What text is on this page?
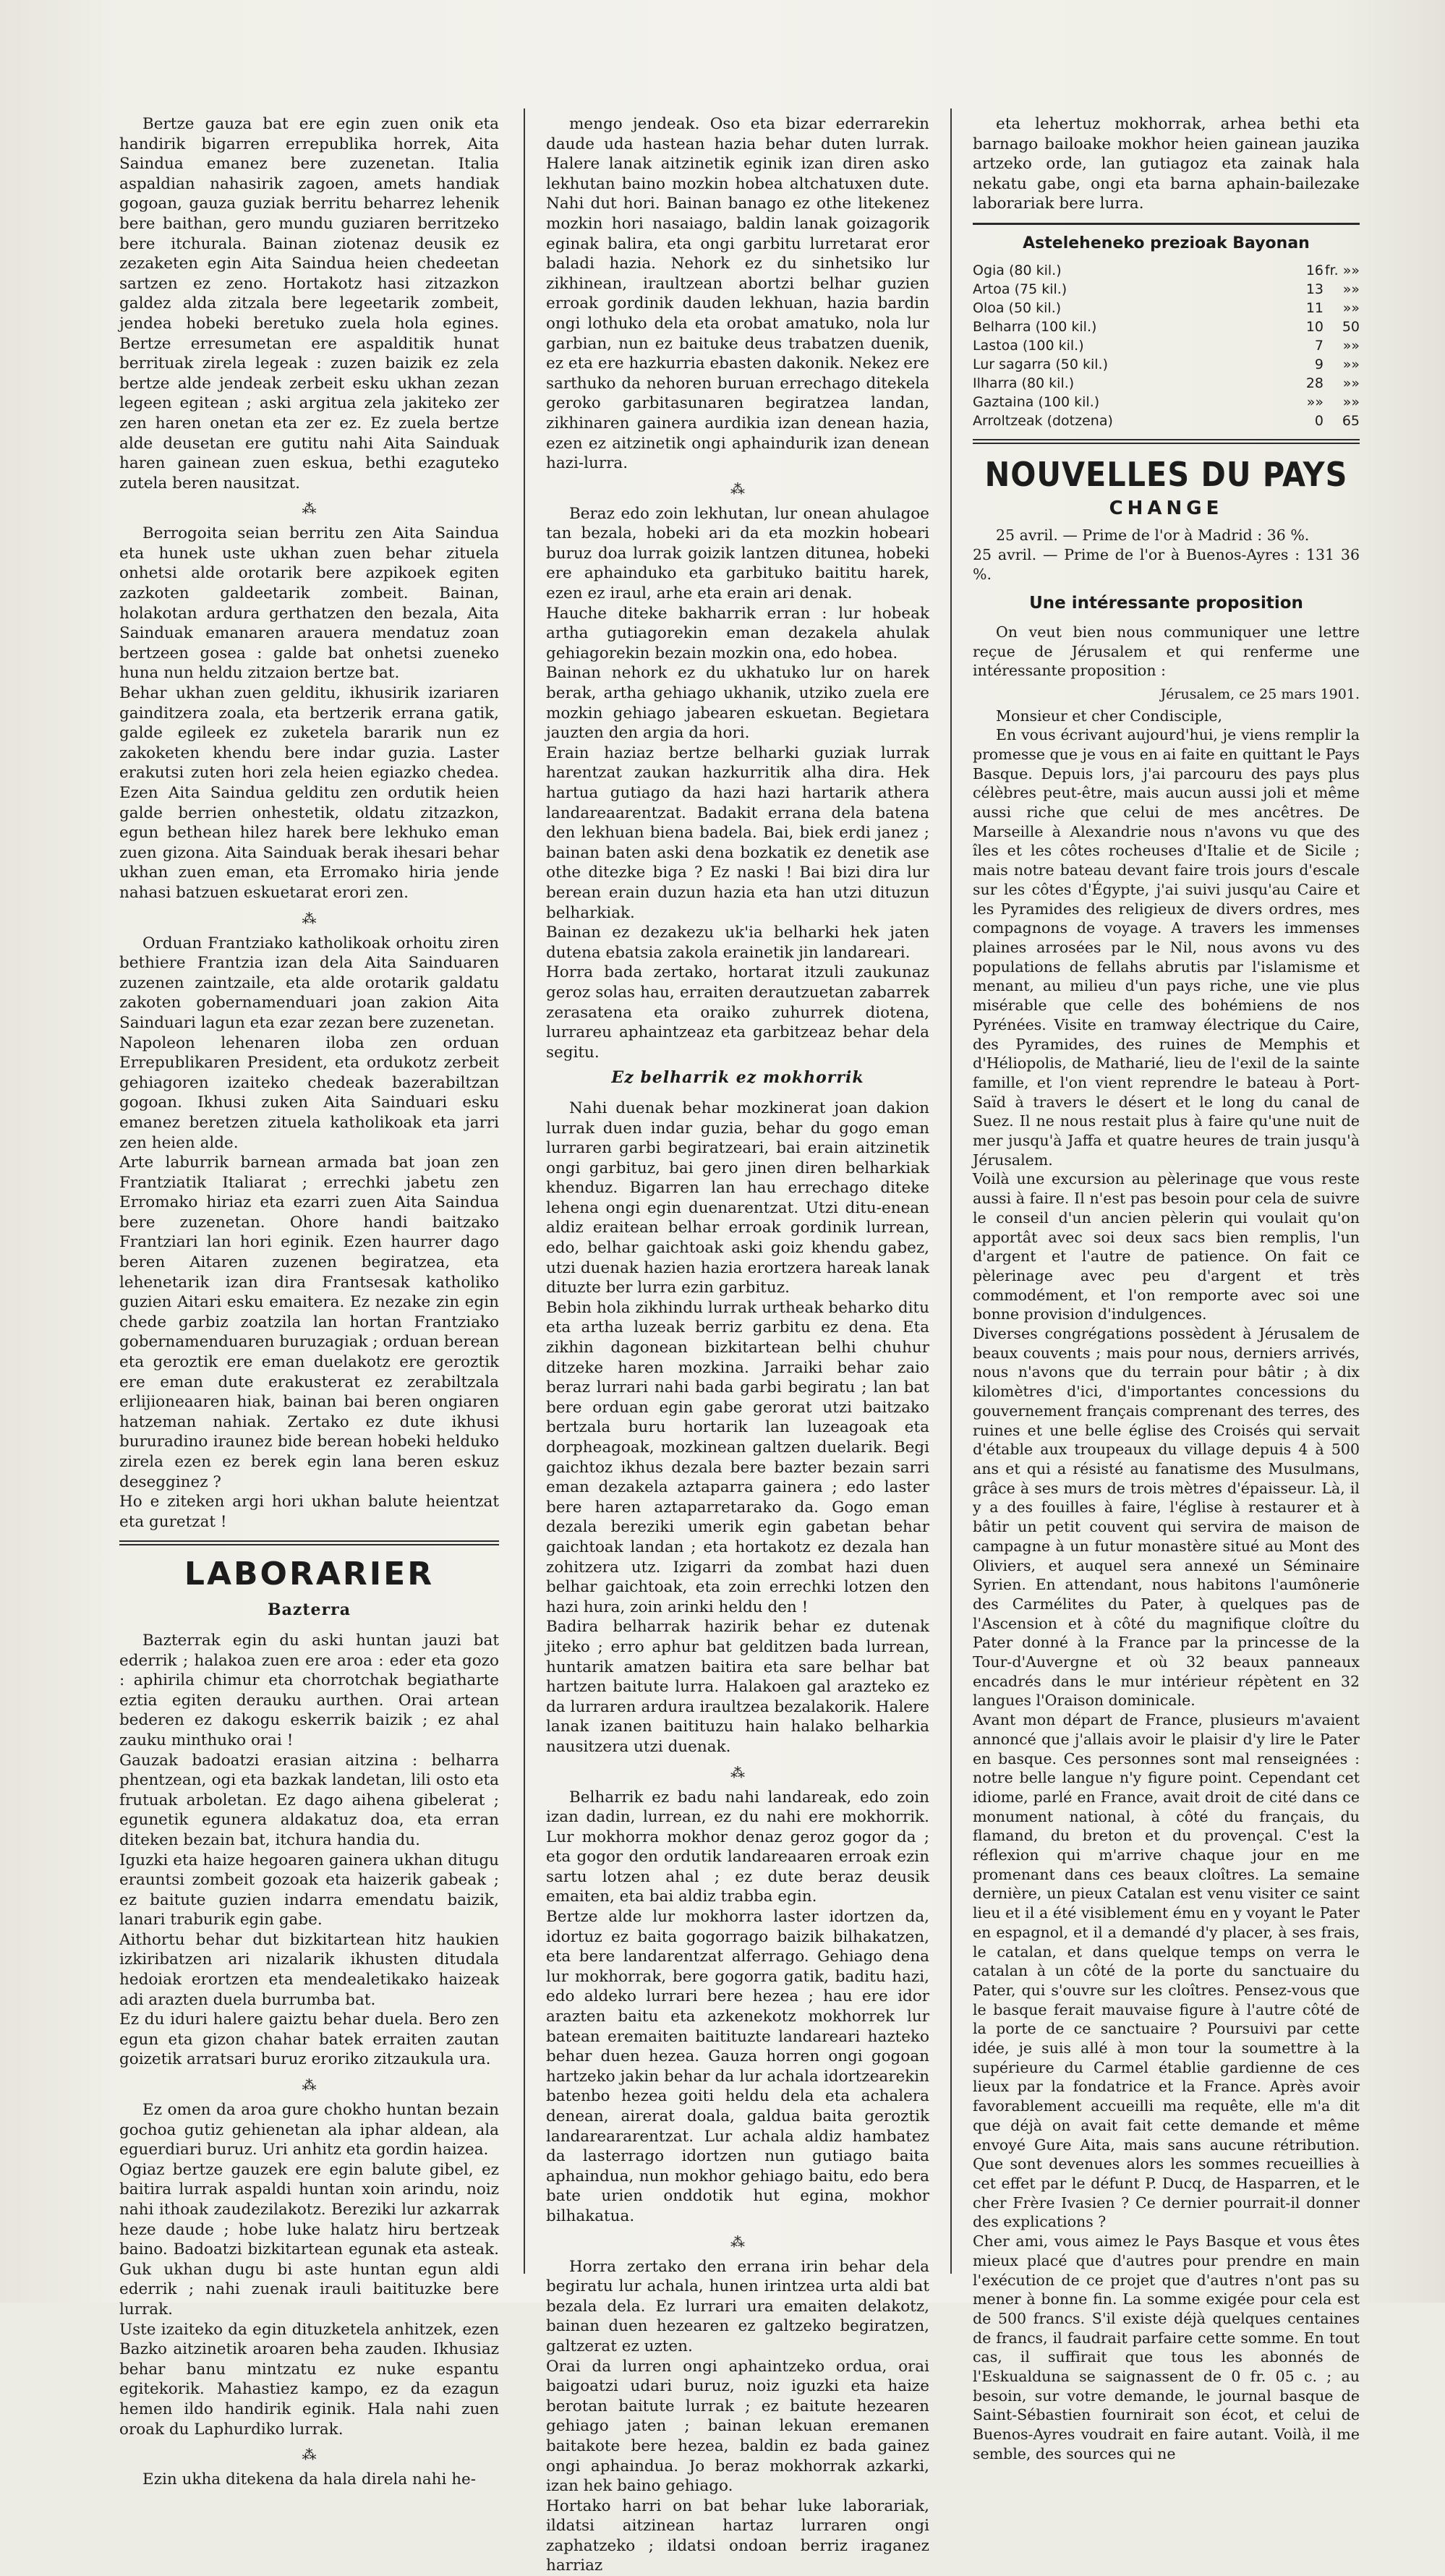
Bertze gauza bat ere egin zuen onik eta handirik bigarren errepublika horrek, Aita Saindua emanez bere zuzenetan. Italia aspaldian nahasirik zagoen, amets handiak gogoan, gauza guziak berritu beharrez lehenik bere baithan, gero mundu guziaren berritzeko bere itchurala. Bainan ziotenaz deusik ez zezaketen egin Aita Saindua heien chedeetan sartzen ez zeno. Hortakotz hasi zitzazkon galdez alda zitzala bere legeetarik zombeit, jendea hobeki beretuko zuela hola egines. Bertze erresumetan ere aspalditik hunat berrituak zirela legeak : zuzen baizik ez zela bertze alde jendeak zerbeit esku ukhan zezan legeen egitean ; aski argitua zela jakiteko zer zen haren onetan eta zer ez. Ez zuela bertze alde deusetan ere gutitu nahi Aita Sainduak haren gainean zuen eskua, bethi ezaguteko zutela beren nausitzat.

⁂

Berrogoita seian berritu zen Aita Saindua eta hunek uste ukhan zuen behar zituela onhetsi alde orotarik bere azpikoek egiten zazkoten galdeetarik zombeit. Bainan, holakotan ardura gerthatzen den bezala, Aita Sainduak emanaren arauera mendatuz zoan bertzeen gosea : galde bat onhetsi zueneko huna nun heldu zitzaion bertze bat.

Behar ukhan zuen gelditu, ikhusirik izariaren gainditzera zoala, eta bertzerik errana gatik, galde egileek ez zuketela bararik nun ez zakoketen khendu bere indar guzia. Laster erakutsi zuten hori zela heien egiazko chedea. Ezen Aita Saindua gelditu zen ordutik heien galde berrien onhestetik, oldatu zitzazkon, egun bethean hilez harek bere lekhuko eman zuen gizona. Aita Sainduak berak ihesari behar ukhan zuen eman, eta Erromako hiria jende nahasi batzuen eskuetarat erori zen.

⁂

Orduan Frantziako katholikoak orhoitu ziren bethiere Frantzia izan dela Aita Sainduaren zuzenen zaintzaile, eta alde orotarik galdatu zakoten gobernamenduari joan zakion Aita Sainduari lagun eta ezar zezan bere zuzenetan.

Napoleon lehenaren iloba zen orduan Errepublikaren President, eta ordukotz zerbeit gehiagoren izaiteko chedeak bazerabiltzan gogoan. Ikhusi zuken Aita Sainduari esku emanez beretzen zituela katholikoak eta jarri zen heien alde.

Arte laburrik barnean armada bat joan zen Frantziatik Italiarat ; errechki jabetu zen Erromako hiriaz eta ezarri zuen Aita Saindua bere zuzenetan. Ohore handi baitzako Frantziari lan hori eginik. Ezen haurrer dago beren Aitaren zuzenen begiratzea, eta lehenetarik izan dira Frantsesak katholiko guzien Aitari esku emaitera. Ez nezake zin egin chede garbiz zoatzila lan hortan Frantziako gobernamenduaren buruzagiak ; orduan berean eta geroztik ere eman duelakotz ere geroztik ere eman dute erakusterat ez zerabiltzala erlijioneaaren hiak, bainan bai beren ongiaren hatzeman nahiak. Zertako ez dute ikhusi bururadino iraunez bide berean hobeki helduko zirela ezen ez berek egin lana beren eskuz desegginez ?

Ho e ziteken argi hori ukhan balute heientzat eta guretzat !

LABORARIER
Bazterra

Bazterrak egin du aski huntan jauzi bat ederrik ; halakoa zuen ere aroa : eder eta gozo : aphirila chimur eta chorrotchak begiatharte eztia egiten derauku aurthen. Orai artean bederen ez dakogu eskerrik baizik ; ez ahal zauku minthuko orai !

Gauzak badoatzi erasian aitzina : belharra phentzean, ogi eta bazkak landetan, lili osto eta frutuak arboletan. Ez dago aihena gibelerat ; egunetik egunera aldakatuz doa, eta erran diteken bezain bat, itchura handia du.

Iguzki eta haize hegoaren gainera ukhan ditugu erauntsi zombeit gozoak eta haizerik gabeak ; ez baitute guzien indarra emendatu baizik, lanari traburik egin gabe.

Aithortu behar dut bizkitartean hitz haukien izkiribatzen ari nizalarik ikhusten ditudala hedoiak erortzen eta mendealetikako haizeak adi arazten duela burrumba bat.

Ez du iduri halere gaiztu behar duela. Bero zen egun eta gizon chahar batek erraiten zautan goizetik arratsari buruz eroriko zitzaukula ura.

⁂

Ez omen da aroa gure chokho huntan bezain gochoa gutiz gehienetan ala iphar aldean, ala eguerdiari buruz. Uri anhitz eta gordin haizea.

Ogiaz bertze gauzek ere egin balute gibel, ez baitira lurrak aspaldi huntan xoin arindu, noiz nahi ithoak zaudezilakotz. Bereziki lur azkarrak heze daude ; hobe luke halatz hiru bertzeak baino. Badoatzi bizkitartean egunak eta asteak. Guk ukhan dugu bi aste huntan egun aldi ederrik ; nahi zuenak irauli baitituzke bere lurrak.

Uste izaiteko da egin dituzketela anhitzek, ezen Bazko aitzinetik aroaren beha zauden. Ikhusiaz behar banu mintzatu ez nuke espantu egitekorik. Mahastiez kampo, ez da ezagun hemen ildo handirik eginik. Hala nahi zuen oroak du Laphurdiko lurrak.

⁂

Ezin ukha ditekena da hala direla nahi he-

mengo jendeak. Oso eta bizar ederrarekin daude uda hastean hazia behar duten lurrak. Halere lanak aitzinetik eginik izan diren asko lekhutan baino mozkin hobea altchatuxen dute. Nahi dut hori. Bainan banago ez othe litekenez mozkin hori nasaiago, baldin lanak goizagorik eginak balira, eta ongi garbitu lurretarat eror baladi hazia. Nehork ez du sinhetsiko lur zikhinean, iraultzean abortzi belhar guzien erroak gordinik dauden lekhuan, hazia bardin ongi lothuko dela eta orobat amatuko, nola lur garbian, nun ez baituke deus trabatzen duenik, ez eta ere hazkurria ebasten dakonik. Nekez ere sarthuko da nehoren buruan errechago ditekela geroko garbitasunaren begiratzea landan, zikhinaren gainera aurdikia izan denean hazia, ezen ez aitzinetik ongi aphaindurik izan denean hazi-lurra.

⁂

Beraz edo zoin lekhutan, lur onean ahulagoe tan bezala, hobeki ari da eta mozkin hobeari buruz doa lurrak goizik lantzen ditunea, hobeki ere aphainduko eta garbituko baititu harek, ezen ez iraul, arhe eta erain ari denak.

Hauche diteke bakharrik erran : lur hobeak artha gutiagorekin eman dezakela ahulak gehiagorekin bezain mozkin ona, edo hobea.

Bainan nehork ez du ukhatuko lur on harek berak, artha gehiago ukhanik, utziko zuela ere mozkin gehiago jabearen eskuetan. Begietara jauzten den argia da hori.

Erain haziaz bertze belharki guziak lurrak harentzat zaukan hazkurritik alha dira. Hek hartua gutiago da hazi hazi hartarik athera landareaarentzat. Badakit errana dela batena den lekhuan biena badela. Bai, biek erdi janez ; bainan baten aski dena bozkatik ez denetik ase othe ditezke biga ? Ez naski ! Bai bizi dira lur berean erain duzun hazia eta han utzi dituzun belharkiak.

Bainan ez dezakezu uk'ia belharki hek jaten dutena ebatsia zakola erainetik jin landareari.

Horra bada zertako, hortarat itzuli zaukunaz geroz solas hau, erraiten derautzuetan zabarrek zerasatena eta oraiko zuhurrek diotena, lurrareu aphaintzeaz eta garbitzeaz behar dela segitu.

Ez belharrik ez mokhorrik

Nahi duenak behar mozkinerat joan dakion lurrak duen indar guzia, behar du gogo eman lurraren garbi begiratzeari, bai erain aitzinetik ongi garbituz, bai gero jinen diren belharkiak khenduz. Bigarren lan hau errechago diteke lehena ongi egin duenarentzat. Utzi ditu-enean aldiz eraitean belhar erroak gordinik lurrean, edo, belhar gaichtoak aski goiz khendu gabez, utzi duenak hazien hazia erortzera hareak lanak dituzte ber lurra ezin garbituz.

Bebin hola zikhindu lurrak urtheak beharko ditu eta artha luzeak berriz garbitu ez dena. Eta zikhin dagonean bizkitartean belhi chuhur ditzeke haren mozkina. Jarraiki behar zaio beraz lurrari nahi bada garbi begiratu ; lan bat bere orduan egin gabe gerorat utzi baitzako bertzala buru hortarik lan luzeagoak eta dorpheagoak, mozkinean galtzen duelarik. Begi gaichtoz ikhus dezala bere bazter bezain sarri eman dezakela aztaparra gainera ; edo laster bere haren aztaparretarako da. Gogo eman dezala bereziki umerik egin gabetan behar gaichtoak landan ; eta hortakotz ez dezala han zohitzera utz. Izigarri da zombat hazi duen belhar gaichtoak, eta zoin errechki lotzen den hazi hura, zoin arinki heldu den !

Badira belharrak hazirik behar ez dutenak jiteko ; erro aphur bat gelditzen bada lurrean, huntarik amatzen baitira eta sare belhar bat hartzen baitute lurra. Halakoen gal arazteko ez da lurraren ardura iraultzea bezalakorik. Halere lanak izanen baitituzu hain halako belharkia nausitzera utzi duenak.

⁂

Belharrik ez badu nahi landareak, edo zoin izan dadin, lurrean, ez du nahi ere mokhorrik. Lur mokhorra mokhor denaz geroz gogor da ; eta gogor den ordutik landareaaren erroak ezin sartu lotzen ahal ; ez dute beraz deusik emaiten, eta bai aldiz trabba egin.

Bertze alde lur mokhorra laster idortzen da, idortuz ez baita gogorrago baizik bilhakatzen, eta bere landarentzat alferrago. Gehiago dena lur mokhorrak, bere gogorra gatik, baditu hazi, edo aldeko lurrari bere hezea ; hau ere idor arazten baitu eta azkenekotz mokhorrek lur batean eremaiten baitituzte landareari hazteko behar duen hezea. Gauza horren ongi gogoan hartzeko jakin behar da lur achala idortzearekin batenbo hezea goiti heldu dela eta achalera denean, airerat doala, galdua baita geroztik landareararentzat. Lur achala aldiz hambatez da lasterrago idortzen nun gutiago baita aphaindua, nun mokhor gehiago baitu, edo bera bate urien onddotik hut egina, mokhor bilhakatua.

⁂

Horra zertako den errana irin behar dela begiratu lur achala, hunen irintzea urta aldi bat bezala dela. Ez lurrari ura emaiten delakotz, bainan duen hezearen ez galtzeko begiratzen, galtzerat ez uzten.

Orai da lurren ongi aphaintzeko ordua, orai baigoatzi udari buruz, noiz iguzki eta haize berotan baitute lurrak ; ez baitute hezearen gehiago jaten ; bainan lekuan eremanen baitakote bere hezea, baldin ez bada gainez ongi aphaindua. Jo beraz mokhorrak azkarki, izan hek baino gehiago.

Hortako harri on bat behar luke laborariak, ildatsi aitzinean hartaz lurraren ongi zaphatzeko ; ildatsi ondoan berriz iraganez harriaz

eta lehertuz mokhorrak, arhea bethi eta barnago bailoake mokhor heien gainean jauzika artzeko orde, lan gutiagoz eta zainak hala nekatu gabe, ongi eta barna aphain-bailezake laborariak bere lurra.

Asteleheneko prezioak Bayonan
Ogia (80 kil.)	16	fr. »»
Artoa (75 kil.)	13	»»
Oloa (50 kil.)	11	»»
Belharra (100 kil.)	10	50
Lastoa (100 kil.)	7	»»
Lur sagarra (50 kil.)	9	»»
Ilharra (80 kil.)	28	»»
Gaztaina (100 kil.)	»»	»»
Arroltzeak (dotzena)	0	65
NOUVELLES DU PAYS
CHANGE

25 avril. — Prime de l'or à Madrid : 36 %.

25 avril. — Prime de l'or à Buenos-Ayres : 131 36 %.

Une intéressante proposition

On veut bien nous communiquer une lettre reçue de Jérusalem et qui renferme une intéressante proposition :

Jérusalem, ce 25 mars 1901.

Monsieur et cher Condisciple,

En vous écrivant aujourd'hui, je viens remplir la promesse que je vous en ai faite en quittant le Pays Basque. Depuis lors, j'ai parcouru des pays plus célèbres peut-être, mais aucun aussi joli et même aussi riche que celui de mes ancêtres. De Marseille à Alexandrie nous n'avons vu que des îles et les côtes rocheuses d'Italie et de Sicile ; mais notre bateau devant faire trois jours d'escale sur les côtes d'Égypte, j'ai suivi jusqu'au Caire et les Pyramides des religieux de divers ordres, mes compagnons de voyage. A travers les immenses plaines arrosées par le Nil, nous avons vu des populations de fellahs abrutis par l'islamisme et menant, au milieu d'un pays riche, une vie plus misérable que celle des bohémiens de nos Pyrénées. Visite en tramway électrique du Caire, des Pyramides, des ruines de Memphis et d'Héliopolis, de Matharié, lieu de l'exil de la sainte famille, et l'on vient reprendre le bateau à Port-Saïd à travers le désert et le long du canal de Suez. Il ne nous restait plus à faire qu'une nuit de mer jusqu'à Jaffa et quatre heures de train jusqu'à Jérusalem.

Voilà une excursion au pèlerinage que vous reste aussi à faire. Il n'est pas besoin pour cela de suivre le conseil d'un ancien pèlerin qui voulait qu'on apportât avec soi deux sacs bien remplis, l'un d'argent et l'autre de patience. On fait ce pèlerinage avec peu d'argent et très commodément, et l'on remporte avec soi une bonne provision d'indulgences.

Diverses congrégations possèdent à Jérusalem de beaux couvents ; mais pour nous, derniers arrivés, nous n'avons que du terrain pour bâtir ; à dix kilomètres d'ici, d'importantes concessions du gouvernement français comprenant des terres, des ruines et une belle église des Croisés qui servait d'étable aux troupeaux du village depuis 4 à 500 ans et qui a résisté au fanatisme des Musulmans, grâce à ses murs de trois mètres d'épaisseur. Là, il y a des fouilles à faire, l'église à restaurer et à bâtir un petit couvent qui servira de maison de campagne à un futur monastère situé au Mont des Oliviers, et auquel sera annexé un Séminaire Syrien. En attendant, nous habitons l'aumônerie des Carmélites du Pater, à quelques pas de l'Ascension et à côté du magnifique cloître du Pater donné à la France par la princesse de la Tour-d'Auvergne et où 32 beaux panneaux encadrés dans le mur intérieur répètent en 32 langues l'Oraison dominicale.

Avant mon départ de France, plusieurs m'avaient annoncé que j'allais avoir le plaisir d'y lire le Pater en basque. Ces personnes sont mal renseignées : notre belle langue n'y figure point. Cependant cet idiome, parlé en France, avait droit de cité dans ce monument national, à côté du français, du flamand, du breton et du provençal. C'est la réflexion qui m'arrive chaque jour en me promenant dans ces beaux cloîtres. La semaine dernière, un pieux Catalan est venu visiter ce saint lieu et il a été visiblement ému en y voyant le Pater en espagnol, et il a demandé d'y placer, à ses frais, le catalan, et dans quelque temps on verra le catalan à un côté de la porte du sanctuaire du Pater, qui s'ouvre sur les cloîtres. Pensez-vous que le basque ferait mauvaise figure à l'autre côté de la porte de ce sanctuaire ? Poursuivi par cette idée, je suis allé à mon tour la soumettre à la supérieure du Carmel établie gardienne de ces lieux par la fondatrice et la France. Après avoir favorablement accueilli ma requête, elle m'a dit que déjà on avait fait cette demande et même envoyé Gure Aita, mais sans aucune rétribution. Que sont devenues alors les sommes recueillies à cet effet par le défunt P. Ducq, de Hasparren, et le cher Frère Ivasien ? Ce dernier pourrait-il donner des explications ?

Cher ami, vous aimez le Pays Basque et vous êtes mieux placé que d'autres pour prendre en main l'exécution de ce projet que d'autres n'ont pas su mener à bonne fin. La somme exigée pour cela est de 500 francs. S'il existe déjà quelques centaines de francs, il faudrait parfaire cette somme. En tout cas, il suffirait que tous les abonnés de l'Eskualduna se saignassent de 0 fr. 05 c. ; au besoin, sur votre demande, le journal basque de Saint-Sébastien fournirait son écot, et celui de Buenos-Ayres voudrait en faire autant. Voilà, il me semble, des sources qui ne
